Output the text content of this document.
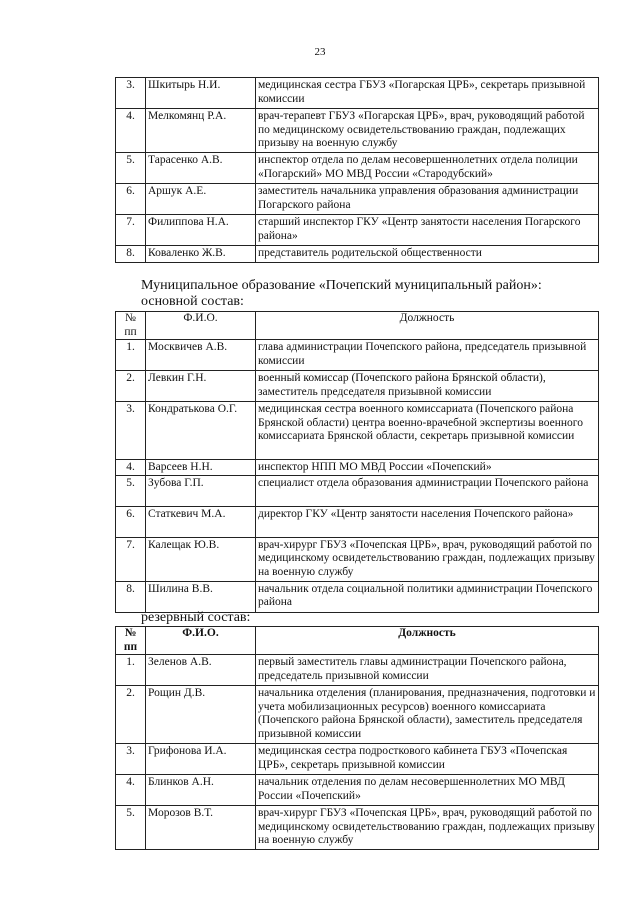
23
3.	Шкитырь Н.И.	медицинская сестра ГБУЗ «Погарская ЦРБ», секретарь призывной комиссии
4.	Мелкомянц Р.А.	врач-терапевт ГБУЗ «Погарская ЦРБ», врач, руководящий работой по медицинскому освидетельствованию граждан, подлежащих призыву на военную службу
5.	Тарасенко А.В.	инспектор отдела по делам несовершеннолетних отдела полиции «Погарский» МО МВД России «Стародубский»
6.	Аршук А.Е.	заместитель начальника управления образования администрации Погарского района
7.	Филиппова Н.А.	старший инспектор ГКУ «Центр занятости населения Погарского района»
8.	Коваленко Ж.В.	представитель родительской общественности
Муниципальное образование «Почепский муниципальный район»:
основной состав:
№ пп	Ф.И.О.	Должность
1.	Москвичев А.В.	глава администрации Почепского района, председатель призывной комиссии
2.	Левкин Г.Н.	военный комиссар (Почепского района Брянской области), заместитель председателя призывной комиссии
3.	Кондратькова О.Г.	медицинская сестра военного комиссариата (Почепского района Брянской области) центра военно-врачебной экспертизы военного комиссариата Брянской области, секретарь призывной комиссии
4.	Варсеев Н.Н.	инспектор НПП МО МВД России «Почепский»
5.	Зубова Г.П.	специалист отдела образования администрации Почепского района
6.	Статкевич М.А.	директор ГКУ «Центр занятости населения Почепского района»
7.	Калещак Ю.В.	врач-хирург ГБУЗ «Почепская ЦРБ», врач, руководящий работой по медицинскому освидетельствованию граждан, подлежащих призыву на военную службу
8.	Шилина В.В.	начальник отдела социальной политики администрации Почепского района
резервный состав:
№ пп	Ф.И.О.	Должность
1.	Зеленов А.В.	первый заместитель главы администрации Почепского района, председатель призывной комиссии
2.	Рощин Д.В.	начальника отделения (планирования, предназначения, подготовки и учета мобилизационных ресурсов) военного комиссариата (Почепского района Брянской области), заместитель председателя призывной комиссии
3.	Грифонова И.А.	медицинская сестра подросткового кабинета ГБУЗ «Почепская ЦРБ», секретарь призывной комиссии
4.	Блинков А.Н.	начальник отделения по делам несовершеннолетних МО МВД России «Почепский»
5.	Морозов В.Т.	врач-хирург ГБУЗ «Почепская ЦРБ», врач, руководящий работой по медицинскому освидетельствованию граждан, подлежащих призыву на военную службу
